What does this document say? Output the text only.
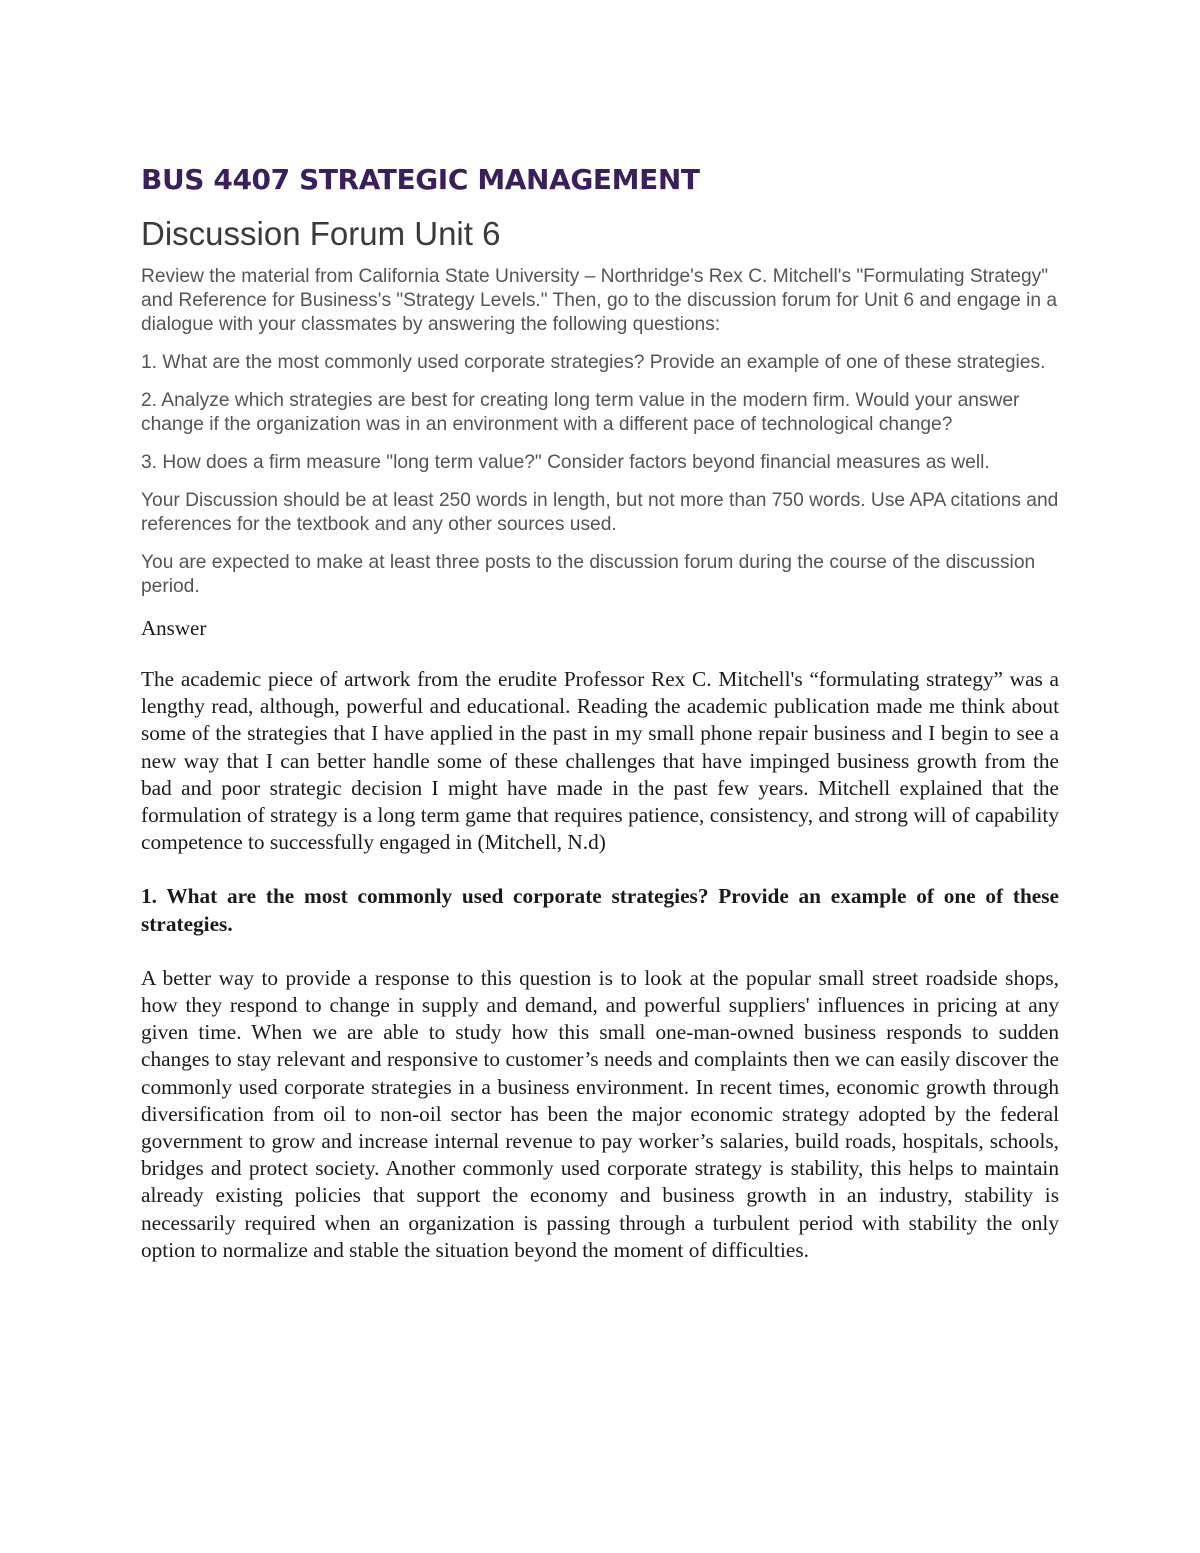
BUS 4407 STRATEGIC MANAGEMENT
Discussion Forum Unit 6

Review the material from California State University – Northridge's Rex C. Mitchell's "Formulating Strategy" and Reference for Business's "Strategy Levels." Then, go to the discussion forum for Unit 6 and engage in a dialogue with your classmates by answering the following questions:

1. What are the most commonly used corporate strategies? Provide an example of one of these strategies.

2. Analyze which strategies are best for creating long term value in the modern firm. Would your answer change if the organization was in an environment with a different pace of technological change?

3. How does a firm measure "long term value?" Consider factors beyond financial measures as well.

Your Discussion should be at least 250 words in length, but not more than 750 words. Use APA citations and references for the textbook and any other sources used.

You are expected to make at least three posts to the discussion forum during the course of the discussion period.

Answer

The academic piece of artwork from the erudite Professor Rex C. Mitchell's “formulating strategy” was a lengthy read, although, powerful and educational. Reading the academic publication made me think about some of the strategies that I have applied in the past in my small phone repair business and I begin to see a new way that I can better handle some of these challenges that have impinged business growth from the bad and poor strategic decision I might have made in the past few years. Mitchell explained that the formulation of strategy is a long term game that requires patience, consistency, and strong will of capability competence to successfully engaged in (Mitchell, N.d)

1. What are the most commonly used corporate strategies? Provide an example of one of these strategies.

A better way to provide a response to this question is to look at the popular small street roadside shops, how they respond to change in supply and demand, and powerful suppliers' influences in pricing at any given time. When we are able to study how this small one-man-owned business responds to sudden changes to stay relevant and responsive to customer’s needs and complaints then we can easily discover the commonly used corporate strategies in a business environment. In recent times, economic growth through diversification from oil to non-oil sector has been the major economic strategy adopted by the federal government to grow and increase internal revenue to pay worker’s salaries, build roads, hospitals, schools, bridges and protect society. Another commonly used corporate strategy is stability, this helps to maintain already existing policies that support the economy and business growth in an industry, stability is necessarily required when an organization is passing through a turbulent period with stability the only option to normalize and stable the situation beyond the moment of difficulties.
